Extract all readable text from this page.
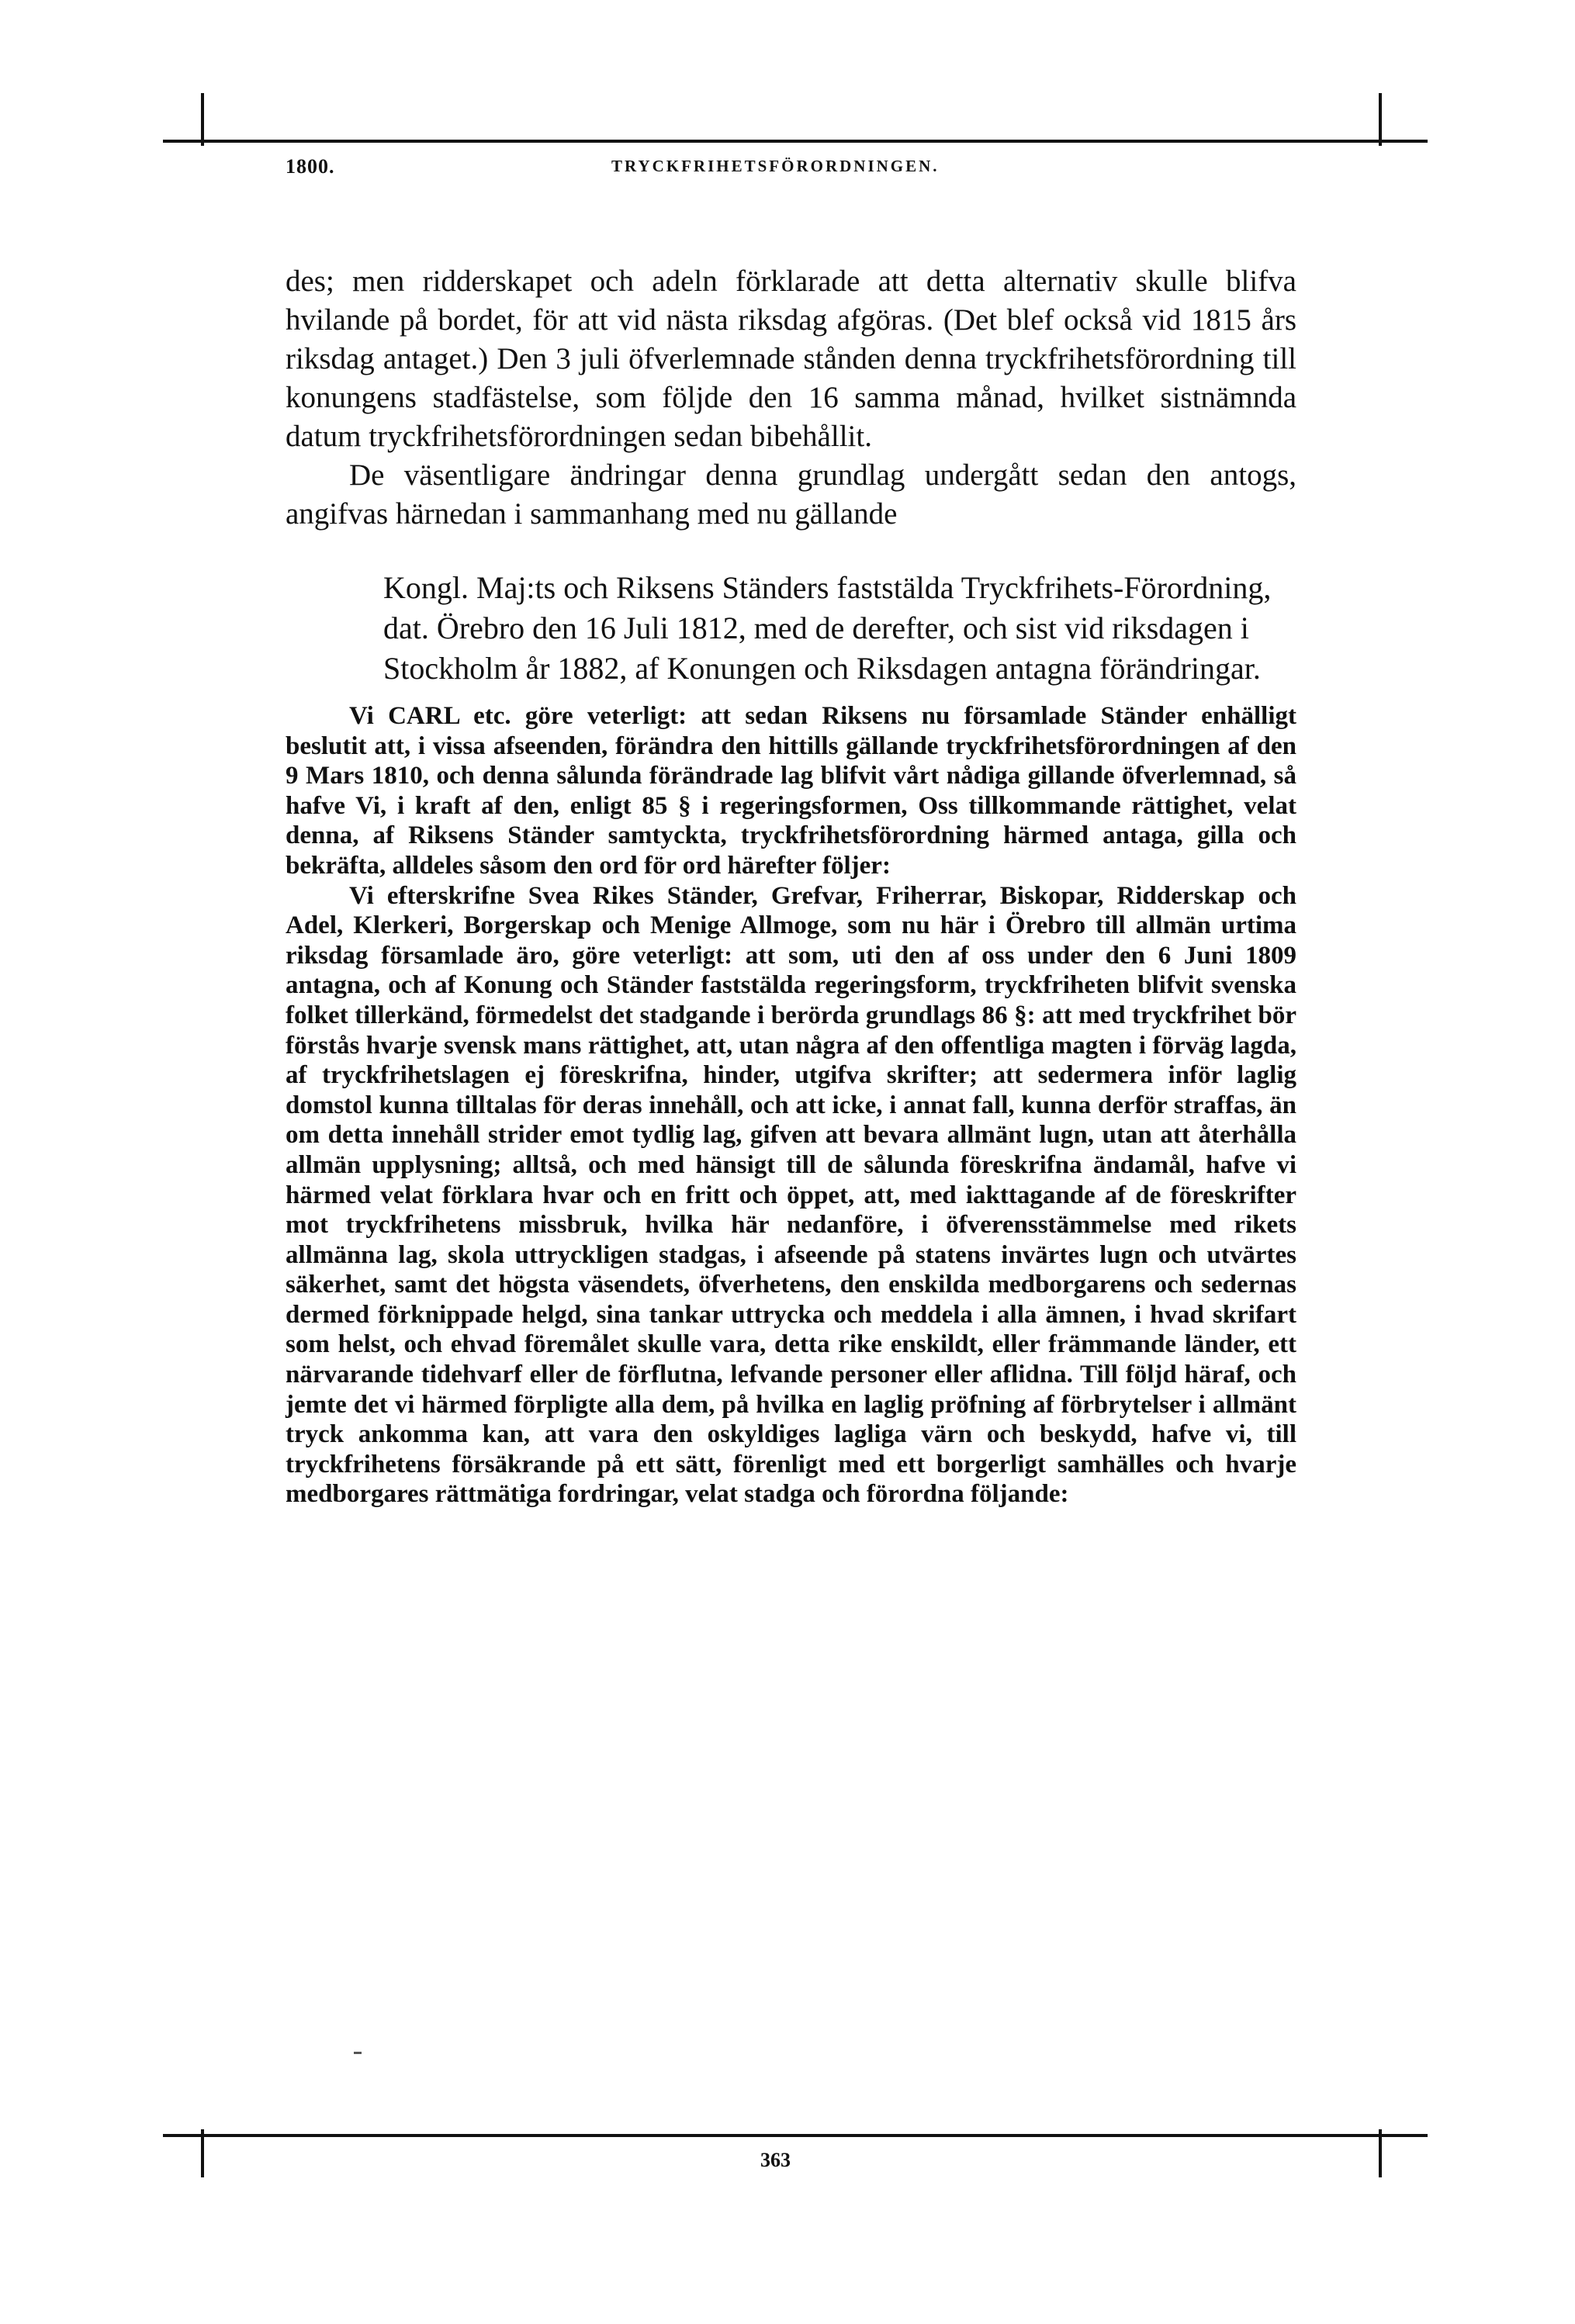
1800.	TRYCKFRIHETSFÖRORDNINGEN.

des; men ridderskapet och adeln förklarade att detta alternativ skulle blifva hvilande på bordet, för att vid nästa riksdag afgöras. (Det blef också vid 1815 års riksdag antaget.) Den 3 juli öfverlemnade stånden denna tryckfrihetsförordning till konungens stadfästelse, som följde den 16 samma månad, hvilket sistnämnda datum tryckfrihetsförordningen sedan bibehållit.

De väsentligare ändringar denna grundlag undergått sedan den antogs, angifvas härnedan i sammanhang med nu gällande

Kongl. Maj:ts och Riksens Ständers faststälda Tryckfrihets-Förordning, dat. Örebro den 16 Juli 1812, med de derefter, och sist vid riksdagen i Stockholm år 1882, af Konungen och Riksdagen antagna förändringar.

Vi CARL etc. göre veterligt: att sedan Riksens nu församlade Ständer enhälligt beslutit att, i vissa afseenden, förändra den hittills gällande tryckfrihetsförordningen af den 9 Mars 1810, och denna sålunda förändrade lag blifvit vårt nådiga gillande öfverlemnad, så hafve Vi, i kraft af den, enligt 85 § i regeringsformen, Oss tillkommande rättighet, velat denna, af Riksens Ständer samtyckta, tryckfrihetsförordning härmed antaga, gilla och bekräfta, alldeles såsom den ord för ord härefter följer:

Vi efterskrifne Svea Rikes Ständer, Grefvar, Friherrar, Biskopar, Ridderskap och Adel, Klerkeri, Borgerskap och Menige Allmoge, som nu här i Örebro till allmän urtima riksdag församlade äro, göre veterligt: att som, uti den af oss under den 6 Juni 1809 antagna, och af Konung och Ständer faststälda regeringsform, tryckfriheten blifvit svenska folket tillerkänd, förmedelst det stadgande i berörda grundlags 86 §: att med tryckfrihet bör förstås hvarje svensk mans rättighet, att, utan några af den offentliga magten i förväg lagda, af tryckfrihetslagen ej föreskrifna, hinder, utgifva skrifter; att sedermera inför laglig domstol kunna tilltalas för deras innehåll, och att icke, i annat fall, kunna derför straffas, än om detta innehåll strider emot tydlig lag, gifven att bevara allmänt lugn, utan att återhålla allmän upplysning; alltså, och med hänsigt till de sålunda föreskrifna ändamål, hafve vi härmed velat förklara hvar och en fritt och öppet, att, med iakttagande af de föreskrifter mot tryckfrihetens missbruk, hvilka här nedanföre, i öfverensstämmelse med rikets allmänna lag, skola uttryckligen stadgas, i afseende på statens invärtes lugn och utvärtes säkerhet, samt det högsta väsendets, öfverhetens, den enskilda medborgarens och sedernas dermed förknippade helgd, sina tankar uttrycka och meddela i alla ämnen, i hvad skrifart som helst, och ehvad föremålet skulle vara, detta rike enskildt, eller främmande länder, ett närvarande tidehvarf eller de förflutna, lefvande personer eller aflidna. Till följd häraf, och jemte det vi härmed förpligte alla dem, på hvilka en laglig pröfning af förbrytelser i allmänt tryck ankomma kan, att vara den oskyldiges lagliga värn och beskydd, hafve vi, till tryckfrihetens försäkrande på ett sätt, förenligt med ett borgerligt samhälles och hvarje medborgares rättmätiga fordringar, velat stadga och förordna följande:

363
